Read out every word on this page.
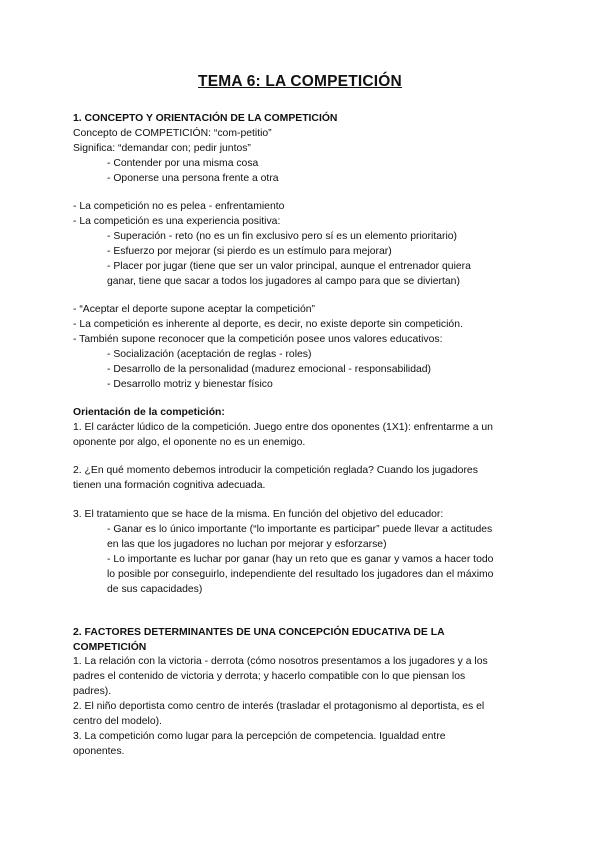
TEMA 6: LA COMPETICIÓN
1. CONCEPTO Y ORIENTACIÓN DE LA COMPETICIÓN
Concepto de COMPETICIÓN: “com-petitio”
Significa: “demandar con; pedir juntos”
- Contender por una misma cosa
- Oponerse una persona frente a otra
- La competición no es pelea - enfrentamiento
- La competición es una experiencia positiva:
- Superación - reto (no es un fin exclusivo pero sí es un elemento prioritario)
- Esfuerzo por mejorar (si pierdo es un estímulo para mejorar)
- Placer por jugar (tiene que ser un valor principal, aunque el entrenador quiera
ganar, tiene que sacar a todos los jugadores al campo para que se diviertan)
- “Aceptar el deporte supone aceptar la competición”
- La competición es inherente al deporte, es decir, no existe deporte sin competición.
- También supone reconocer que la competición posee unos valores educativos:
- Socialización (aceptación de reglas - roles)
- Desarrollo de la personalidad (madurez emocional - responsabilidad)
- Desarrollo motriz y bienestar físico
Orientación de la competición:
1. El carácter lúdico de la competición. Juego entre dos oponentes (1X1): enfrentarme a un
oponente por algo, el oponente no es un enemigo.
2. ¿En qué momento debemos introducir la competición reglada? Cuando los jugadores
tienen una formación cognitiva adecuada.
3. El tratamiento que se hace de la misma. En función del objetivo del educador:
- Ganar es lo único importante (“lo importante es participar” puede llevar a actitudes
en las que los jugadores no luchan por mejorar y esforzarse)
- Lo importante es luchar por ganar (hay un reto que es ganar y vamos a hacer todo
lo posible por conseguirlo, independiente del resultado los jugadores dan el máximo
de sus capacidades)
2. FACTORES DETERMINANTES DE UNA CONCEPCIÓN EDUCATIVA DE LA
COMPETICIÓN
1. La relación con la victoria - derrota (cómo nosotros presentamos a los jugadores y a los
padres el contenido de victoria y derrota; y hacerlo compatible con lo que piensan los
padres).
2. El niño deportista como centro de interés (trasladar el protagonismo al deportista, es el
centro del modelo).
3. La competición como lugar para la percepción de competencia. Igualdad entre
oponentes.
